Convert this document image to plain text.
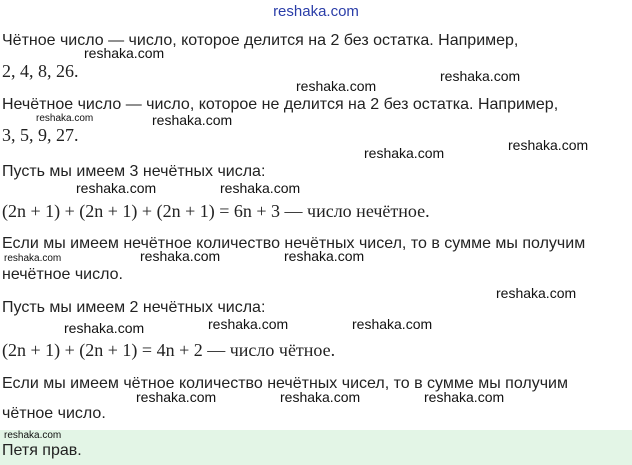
reshaka.com
Чётное число — число, которое делится на 2 без остатка. Например,
2, 4, 8, 26.
Нечётное число — число, которое не делится на 2 без остатка. Например,
3, 5, 9, 27.
Пусть мы имеем 3 нечётных числа:
(2n + 1) + (2n + 1) + (2n + 1) = 6n + 3 — число нечётное.
Если мы имеем нечётное количество нечётных чисел, то в сумме мы получим
нечётное число.
Пусть мы имеем 2 нечётных числа:
(2n + 1) + (2n + 1) = 4n + 2 — число чётное.
Если мы имеем чётное количество нечётных чисел, то в сумме мы получим
чётное число.
Петя прав.
reshaka.com
reshaka.com
reshaka.com
reshaka.com	reshaka.com
reshaka.com
reshaka.com
reshaka.com	reshaka.com
reshaka.com	reshaka.com	reshaka.com
reshaka.com
reshaka.com	reshaka.com	reshaka.com
reshaka.com	reshaka.com	reshaka.com
reshaka.com
